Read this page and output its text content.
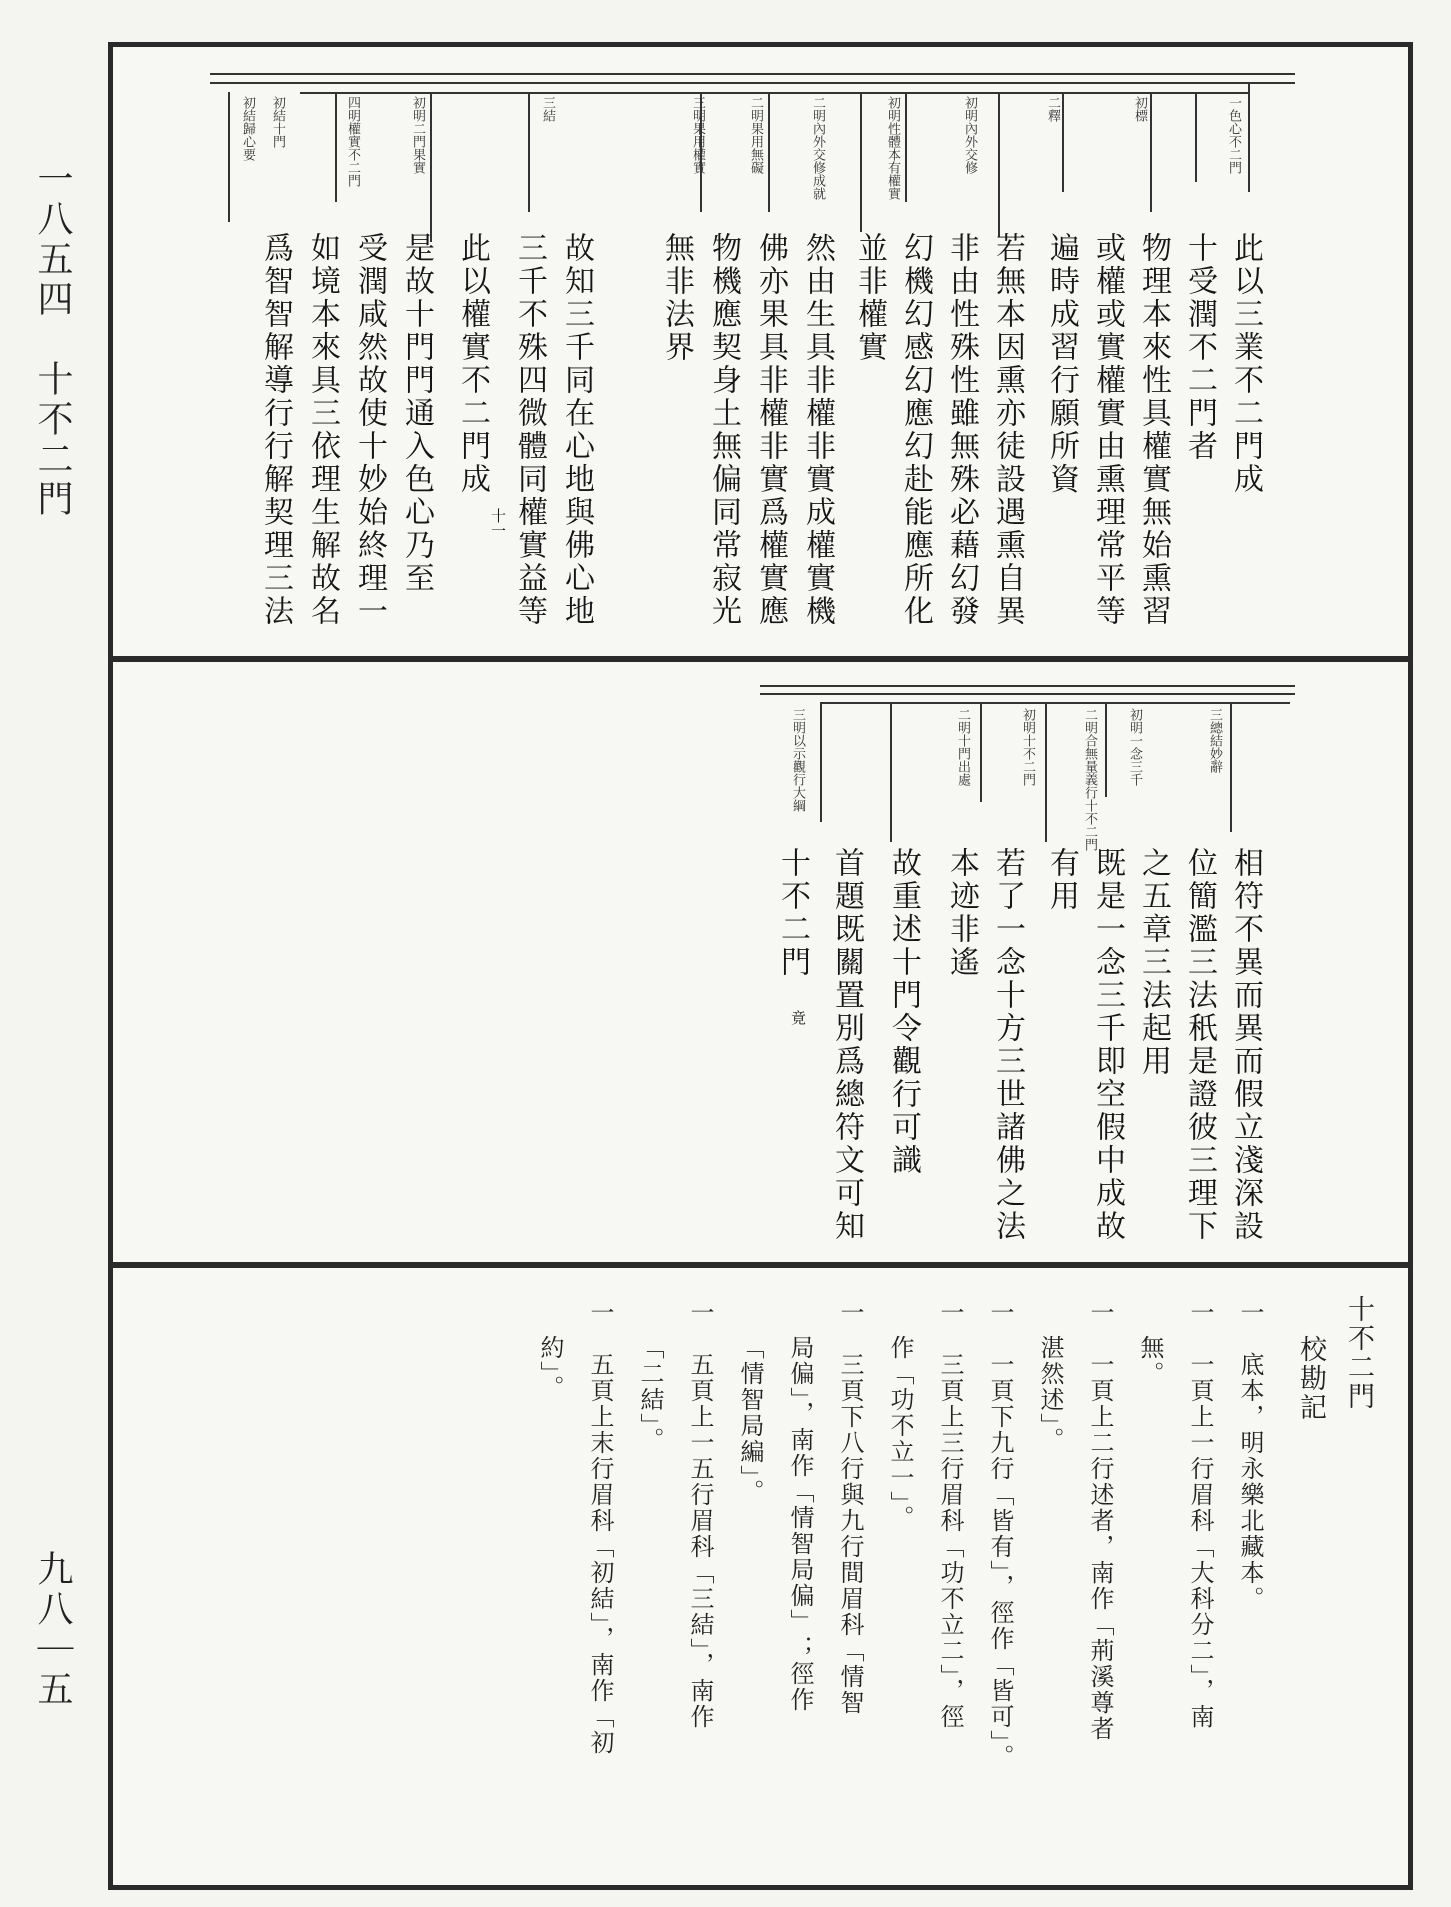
一八五四　十不二門
九八｜五
一色心不二門
初標
二釋
初明內外交修
初明性體本有權實
二明內外交修成就
二明果用無礙
三明果用權實
三結
初明二門果實
四明權實不二門
初結十門
初結歸心要
此以三業不二門成
十受潤不二門者
物理本來性具權實無始熏習
或權或實權實由熏理常平等
遍時成習行願所資
若無本因熏亦徒設遇熏自異
非由性殊性雖無殊必藉幻發
幻機幻感幻應幻赴能應所化
並非權實
然由生具非權非實成權實機
佛亦果具非權非實爲權實應
物機應契身土無偏同常寂光
無非法界
故知三千同在心地與佛心地
三千不殊四微體同權實益等
此以權實不二門成
十一
是故十門門通入色心乃至
受潤咸然故使十妙始終理一
如境本來具三依理生解故名
爲智智解導行行解契理三法
三總結妙辭
初明一念三千
二明合無量義行十不二門
初明十不二門
二明十門出處
三明以示觀行大綱
相符不異而異而假立淺深設
位簡濫三法秖是證彼三理下
之五章三法起用
既是一念三千即空假中成故
有用
若了一念十方三世諸佛之法
本迹非遙
故重述十門令觀行可識
首題既關置別爲總符文可知
十不二門
竟
十不二門
校勘記
一　底本，明永樂北藏本。
一　一頁上一行眉科「大科分二」，南
無。
一　一頁上二行述者，南作「荊溪尊者
湛然述」。
一　一頁下九行「皆有」，徑作「皆可」。
一　三頁上三行眉科「功不立二」，徑
作「功不立一」。
一　三頁下八行與九行間眉科「情智
局偏」，南作「情智局偏」；徑作
「情智局編」。
一　五頁上一五行眉科「三結」，南作
「二結」。
一　五頁上末行眉科「初結」，南作「初
約」。
